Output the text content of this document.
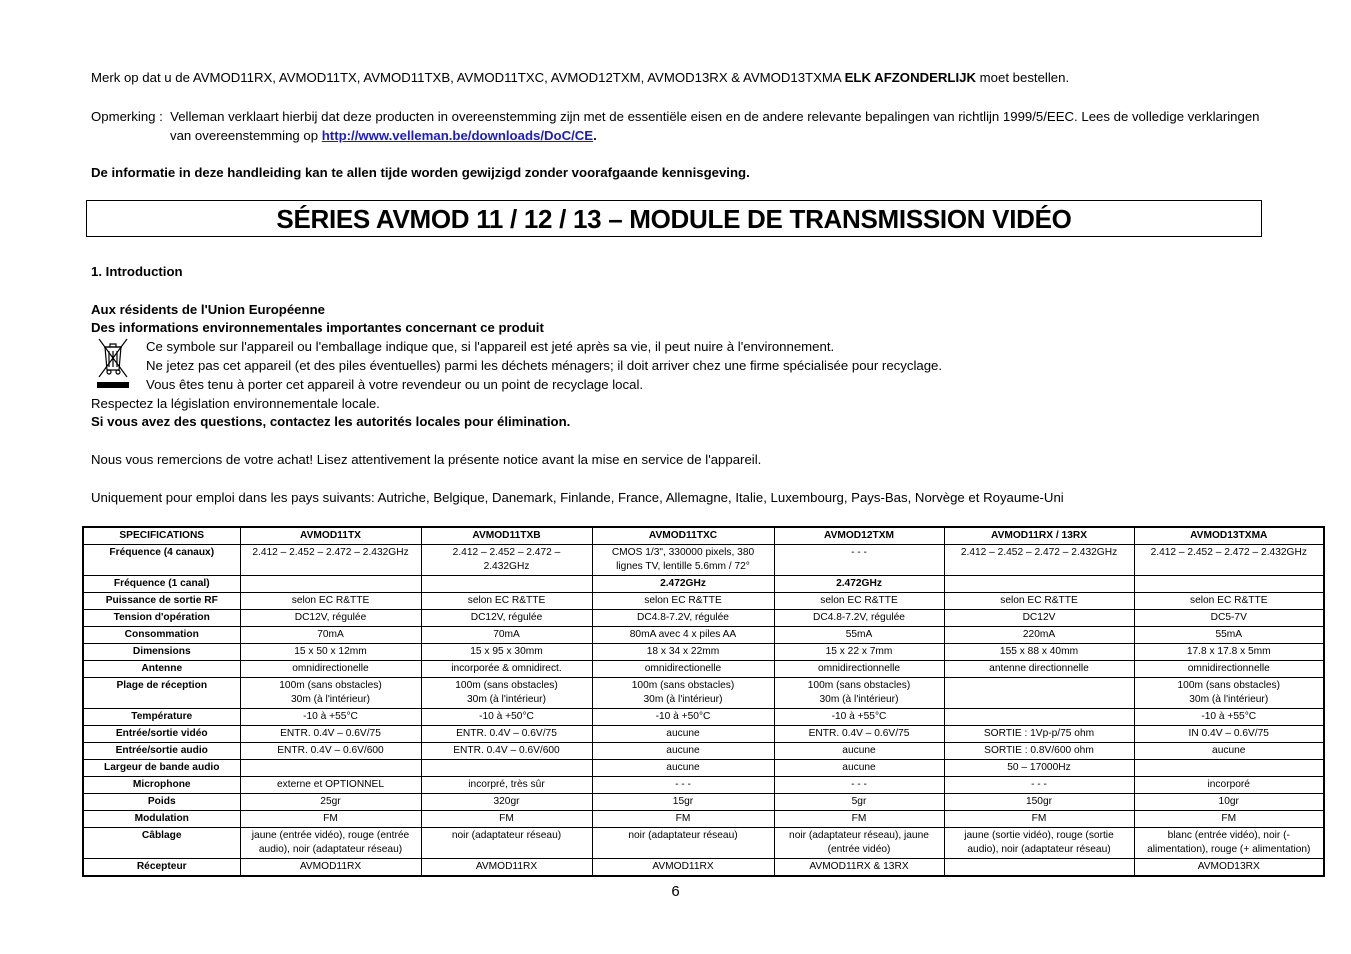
Merk op dat u de AVMOD11RX, AVMOD11TX, AVMOD11TXB, AVMOD11TXC, AVMOD12TXM, AVMOD13RX & AVMOD13TXMA ELK AFZONDERLIJK moet bestellen.
Opmerking : Velleman verklaart hierbij dat deze producten in overeenstemming zijn met de essentiële eisen en de andere relevante bepalingen van richtlijn 1999/5/EEC. Lees de volledige verklaringen
van overeenstemming op http://www.velleman.be/downloads/DoC/CE.
De informatie in deze handleiding kan te allen tijde worden gewijzigd zonder voorafgaande kennisgeving.
SÉRIES AVMOD 11 / 12 / 13 – MODULE DE TRANSMISSION VIDÉO
1. Introduction
Aux résidents de l'Union Européenne
Des informations environnementales importantes concernant ce produit
Ce symbole sur l'appareil ou l'emballage indique que, si l'appareil est jeté après sa vie, il peut nuire à l'environnement.
Ne jetez pas cet appareil (et des piles éventuelles) parmi les déchets ménagers; il doit arriver chez une firme spécialisée pour recyclage.
Vous êtes tenu à porter cet appareil à votre revendeur ou un point de recyclage local.
Respectez la législation environnementale locale.
Si vous avez des questions, contactez les autorités locales pour élimination.
Nous vous remercions de votre achat! Lisez attentivement la présente notice avant la mise en service de l'appareil.
Uniquement pour emploi dans les pays suivants: Autriche, Belgique, Danemark, Finlande, France, Allemagne, Italie, Luxembourg, Pays-Bas, Norvège et Royaume-Uni
SPECIFICATIONS	AVMOD11TX	AVMOD11TXB	AVMOD11TXC	AVMOD12TXM	AVMOD11RX / 13RX	AVMOD13TXMA
Fréquence (4 canaux)	2.412 – 2.452 – 2.472 – 2.432GHz	2.412 – 2.452 – 2.472 –
2.432GHz	CMOS 1/3", 330000 pixels, 380
lignes TV, lentille 5.6mm / 72°	- - -	2.412 – 2.452 – 2.472 – 2.432GHz	2.412 – 2.452 – 2.472 – 2.432GHz
Fréquence (1 canal)			2.472GHz	2.472GHz		
Puissance de sortie RF	selon EC R&TTE	selon EC R&TTE	selon EC R&TTE	selon EC R&TTE	selon EC R&TTE	selon EC R&TTE
Tension d'opération	DC12V, régulée	DC12V, régulée	DC4.8-7.2V, régulée	DC4.8-7.2V, régulée	DC12V	DC5-7V
Consommation	70mA	70mA	80mA avec 4 x piles AA	55mA	220mA	55mA
Dimensions	15 x 50 x 12mm	15 x 95 x 30mm	18 x 34 x 22mm	15 x 22 x 7mm	155 x 88 x 40mm	17.8 x 17.8 x 5mm
Antenne	omnidirectionelle	incorporée & omnidirect.	omnidirectionelle	omnidirectionnelle	antenne directionnelle	omnidirectionnelle
Plage de réception	100m (sans obstacles)
30m (à l'intérieur)	100m (sans obstacles)
30m (à l'intérieur)	100m (sans obstacles)
30m (à l'intérieur)	100m (sans obstacles)
30m (à l'intérieur)		100m (sans obstacles)
30m (à l'intérieur)
Température	-10 à +55°C	-10 à +50°C	-10 à +50°C	-10 à +55°C		-10 à +55°C
Entrée/sortie vidéo	ENTR. 0.4V – 0.6V/75	ENTR. 0.4V – 0.6V/75	aucune	ENTR. 0.4V – 0.6V/75	SORTIE : 1Vp-p/75 ohm	IN 0.4V – 0.6V/75
Entrée/sortie audio	ENTR. 0.4V – 0.6V/600	ENTR. 0.4V – 0.6V/600	aucune	aucune	SORTIE : 0.8V/600 ohm	aucune
Largeur de bande audio			aucune	aucune	50 – 17000Hz	
Microphone	externe et OPTIONNEL	incorpré, très sûr	- - -	- - -	- - -	incorporé
Poids	25gr	320gr	15gr	5gr	150gr	10gr
Modulation	FM	FM	FM	FM	FM	FM
Câblage	jaune (entrée vidéo), rouge (entrée
audio), noir (adaptateur réseau)	noir (adaptateur réseau)	noir (adaptateur réseau)	noir (adaptateur réseau), jaune
(entrée vidéo)	jaune (sortie vidéo), rouge (sortie
audio), noir (adaptateur réseau)	blanc (entrée vidéo), noir (-
alimentation), rouge (+ alimentation)
Récepteur	AVMOD11RX	AVMOD11RX	AVMOD11RX	AVMOD11RX & 13RX		AVMOD13RX
6
